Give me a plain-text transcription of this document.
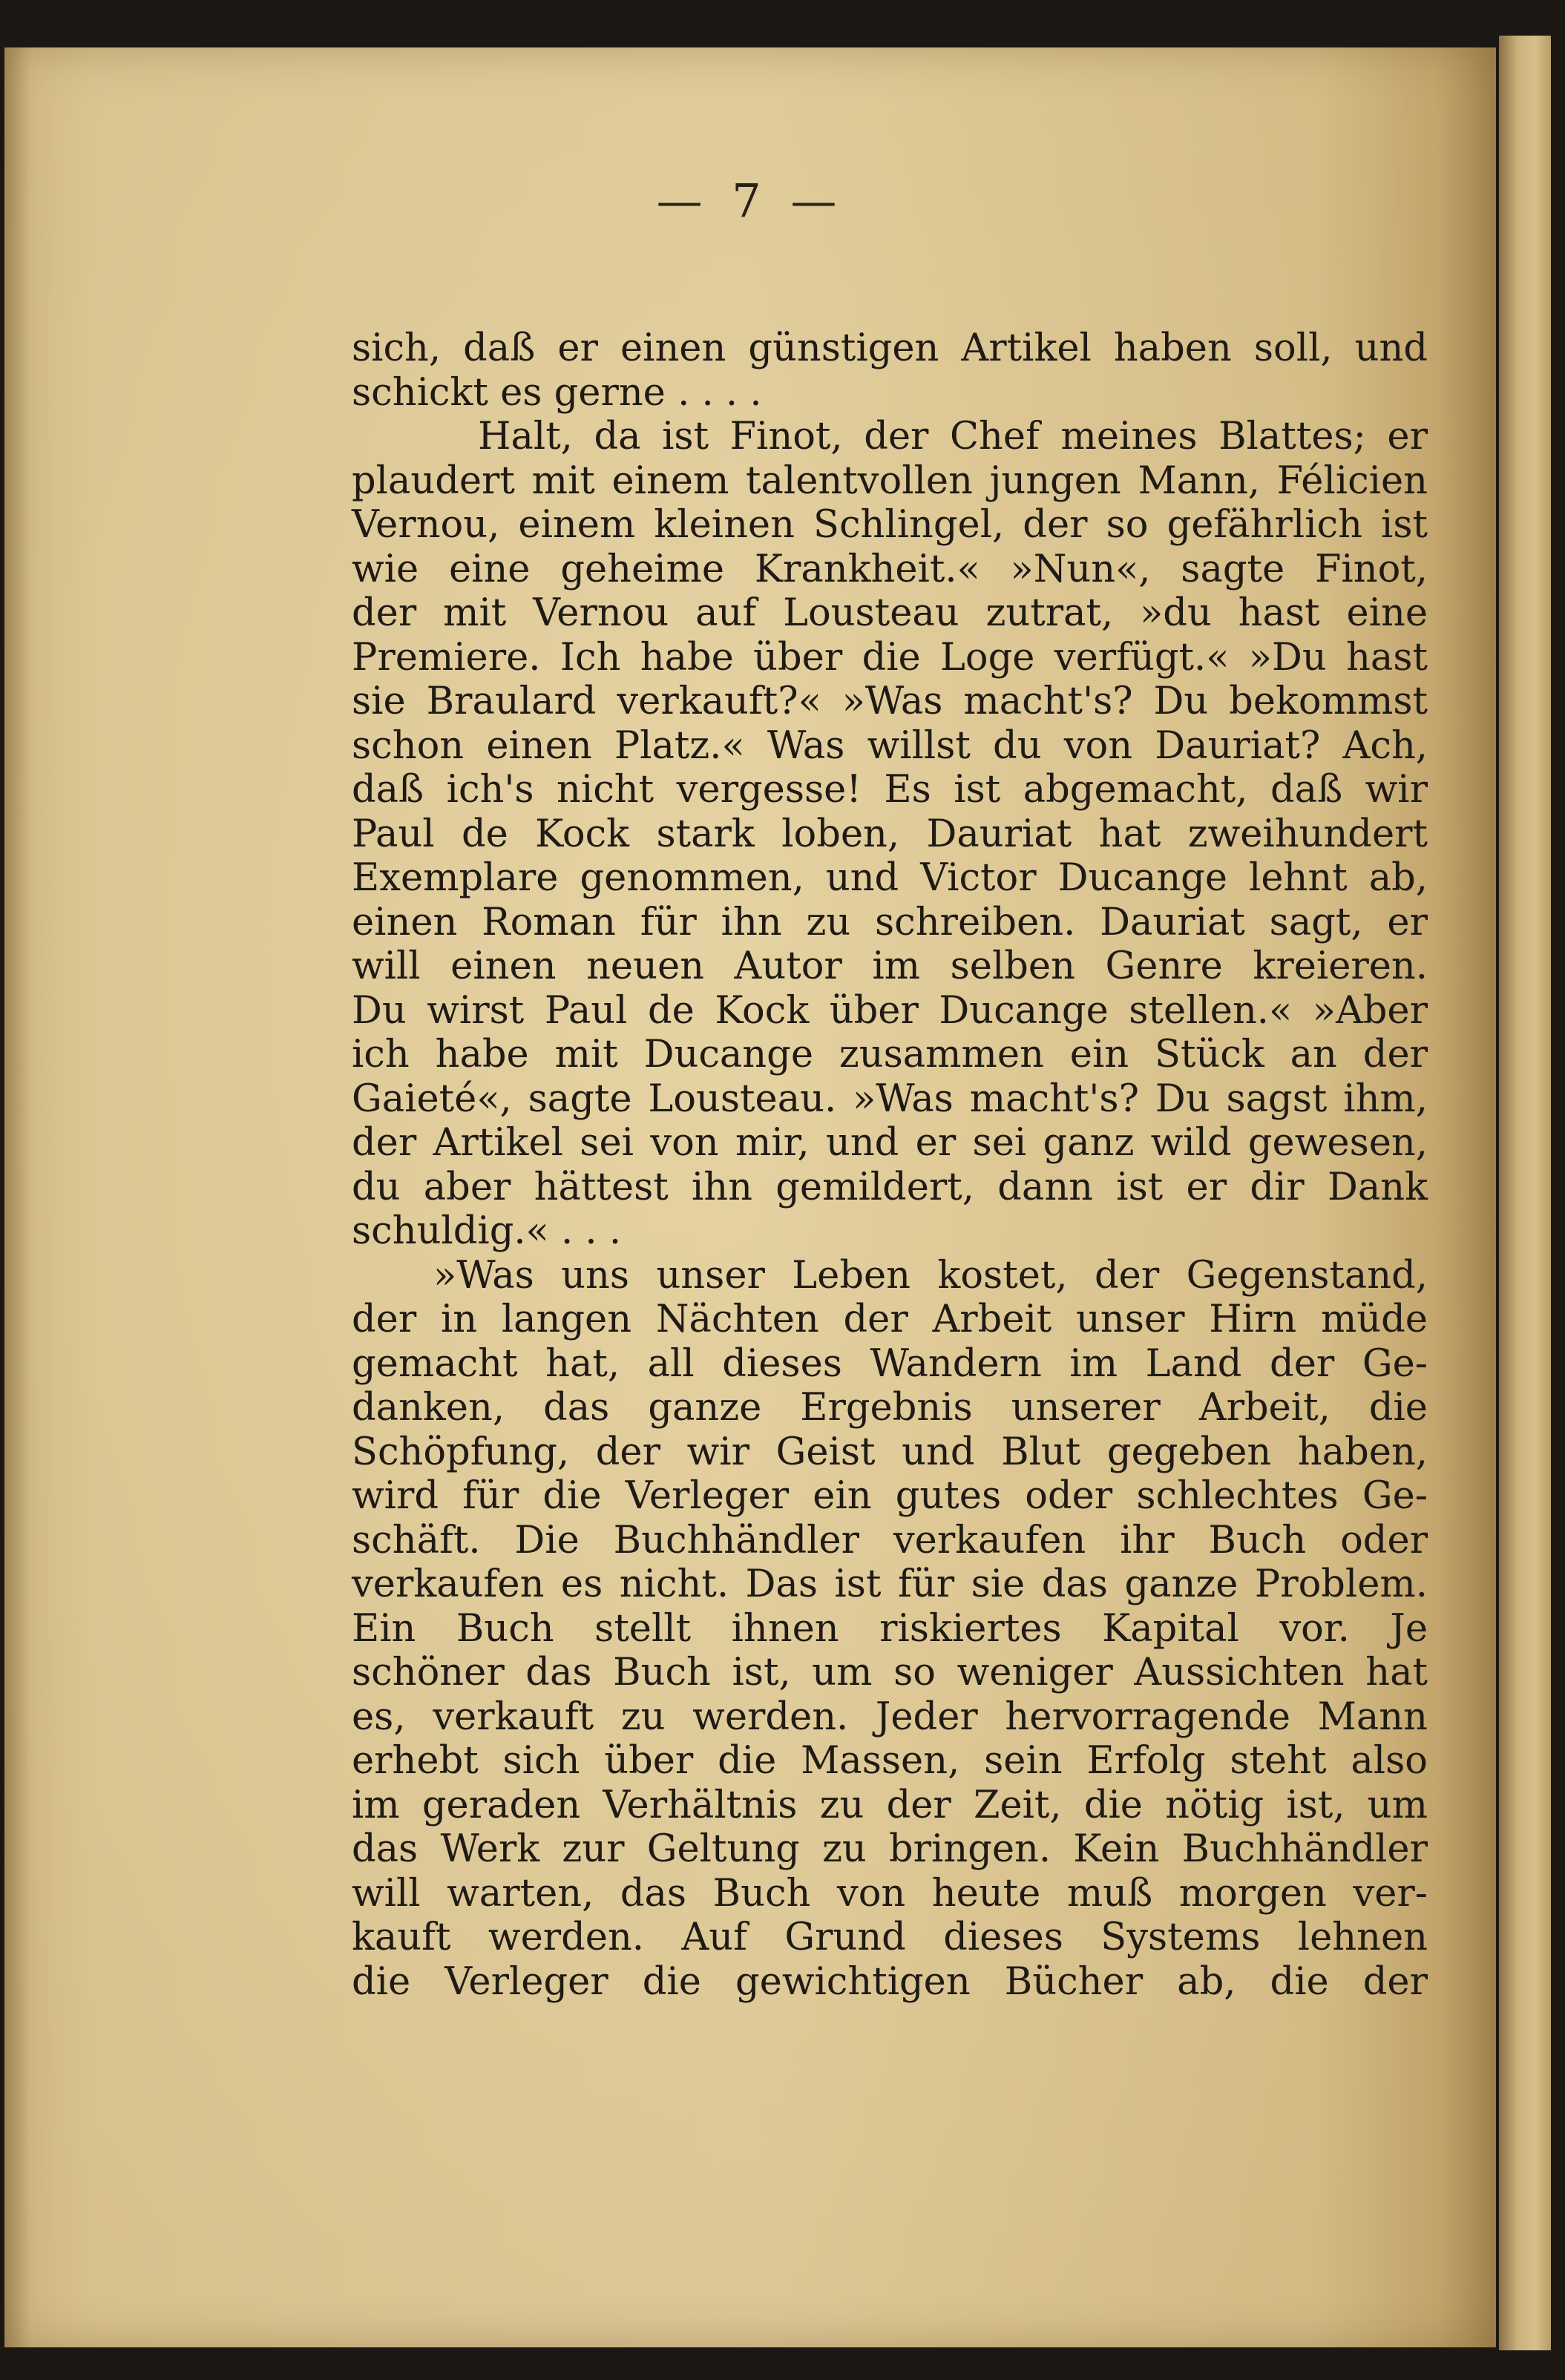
— 7 —
sich, daß er einen günstigen Artikel haben soll, und
schickt es gerne . . . .
Halt, da ist Finot, der Chef meines Blattes; er
plaudert mit einem talentvollen jungen Mann, Félicien
Vernou, einem kleinen Schlingel, der so gefährlich ist
wie eine geheime Krankheit.« »Nun«, sagte Finot,
der mit Vernou auf Lousteau zutrat, »du hast eine
Premiere. Ich habe über die Loge verfügt.« »Du hast
sie Braulard verkauft?« »Was macht's? Du bekommst
schon einen Platz.« Was willst du von Dauriat? Ach,
daß ich's nicht vergesse! Es ist abgemacht, daß wir
Paul de Kock stark loben, Dauriat hat zweihundert
Exemplare genommen, und Victor Ducange lehnt ab,
einen Roman für ihn zu schreiben. Dauriat sagt, er
will einen neuen Autor im selben Genre kreieren.
Du wirst Paul de Kock über Ducange stellen.« »Aber
ich habe mit Ducange zusammen ein Stück an der
Gaieté«, sagte Lousteau. »Was macht's? Du sagst ihm,
der Artikel sei von mir, und er sei ganz wild gewesen,
du aber hättest ihn gemildert, dann ist er dir Dank
schuldig.« . . .
»Was uns unser Leben kostet, der Gegenstand,
der in langen Nächten der Arbeit unser Hirn müde
gemacht hat, all dieses Wandern im Land der Ge-
danken, das ganze Ergebnis unserer Arbeit, die
Schöpfung, der wir Geist und Blut gegeben haben,
wird für die Verleger ein gutes oder schlechtes Ge-
schäft. Die Buchhändler verkaufen ihr Buch oder
verkaufen es nicht. Das ist für sie das ganze Problem.
Ein Buch stellt ihnen riskiertes Kapital vor. Je
schöner das Buch ist, um so weniger Aussichten hat
es, verkauft zu werden. Jeder hervorragende Mann
erhebt sich über die Massen, sein Erfolg steht also
im geraden Verhältnis zu der Zeit, die nötig ist, um
das Werk zur Geltung zu bringen. Kein Buchhändler
will warten, das Buch von heute muß morgen ver-
kauft werden. Auf Grund dieses Systems lehnen
die Verleger die gewichtigen Bücher ab, die der
